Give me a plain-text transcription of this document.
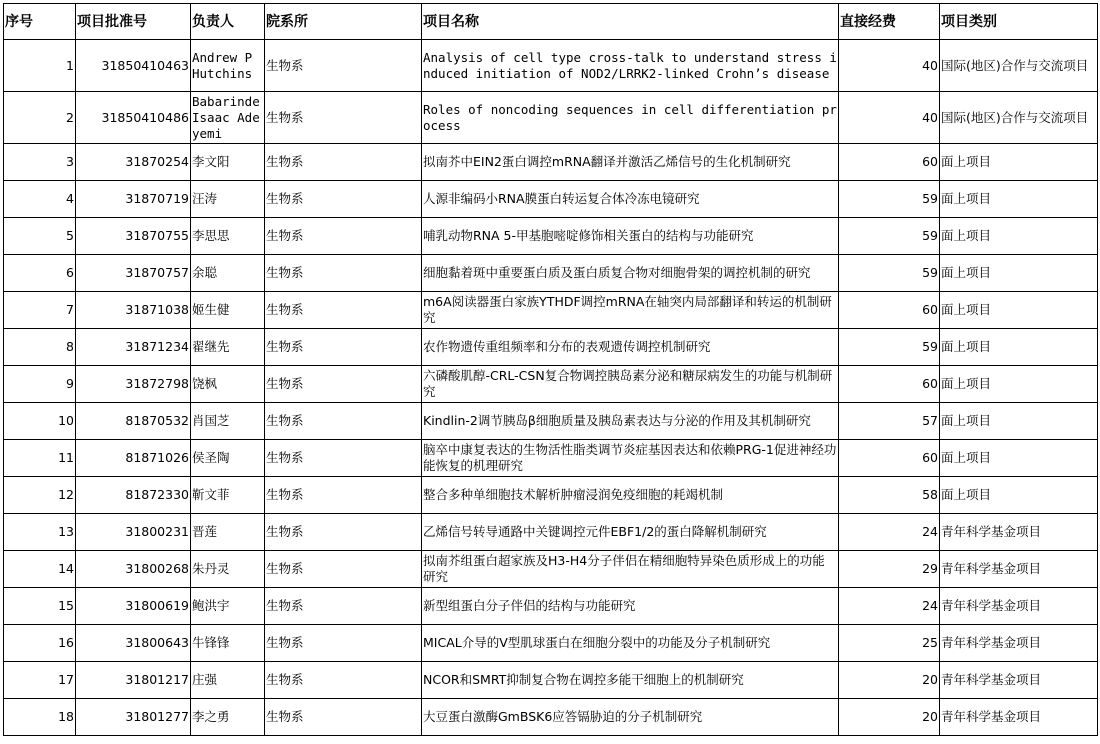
序号	项目批准号	负责人	院系所	项目名称	直接经费	项目类别
1	31850410463	Andrew P Hutchins	生物系	Analysis of cell type cross-talk to understand stress induced initiation of NOD2/LRRK2-linked Crohn’s disease	40	国际(地区)合作与交流项目
2	31850410486	Babarinde Isaac Adeyemi	生物系	Roles of noncoding sequences in cell differentiation process	40	国际(地区)合作与交流项目
3	31870254	李文阳	生物系	拟南芥中EIN2蛋白调控mRNA翻译并激活乙烯信号的生化机制研究	60	面上项目
4	31870719	汪涛	生物系	人源非编码小RNA膜蛋白转运复合体冷冻电镜研究	59	面上项目
5	31870755	李思思	生物系	哺乳动物RNA 5-甲基胞嘧啶修饰相关蛋白的结构与功能研究	59	面上项目
6	31870757	余聪	生物系	细胞黏着斑中重要蛋白质及蛋白质复合物对细胞骨架的调控机制的研究	59	面上项目
7	31871038	姬生健	生物系	m6A阅读器蛋白家族YTHDF调控mRNA在轴突内局部翻译和转运的机制研究	60	面上项目
8	31871234	翟继先	生物系	农作物遗传重组频率和分布的表观遗传调控机制研究	59	面上项目
9	31872798	饶枫	生物系	六磷酸肌醇-CRL-CSN复合物调控胰岛素分泌和糖尿病发生的功能与机制研究	60	面上项目
10	81870532	肖国芝	生物系	Kindlin-2调节胰岛β细胞质量及胰岛素表达与分泌的作用及其机制研究	57	面上项目
11	81871026	侯圣陶	生物系	脑卒中康复表达的生物活性脂类调节炎症基因表达和依赖PRG-1促进神经功能恢复的机理研究	60	面上项目
12	81872330	靳文菲	生物系	整合多种单细胞技术解析肿瘤浸润免疫细胞的耗竭机制	58	面上项目
13	31800231	晋莲	生物系	乙烯信号转导通路中关键调控元件EBF1/2的蛋白降解机制研究	24	青年科学基金项目
14	31800268	朱丹灵	生物系	拟南芥组蛋白超家族及H3-H4分子伴侣在精细胞特异染色质形成上的功能研究	29	青年科学基金项目
15	31800619	鲍洪宇	生物系	新型组蛋白分子伴侣的结构与功能研究	24	青年科学基金项目
16	31800643	牛锋锋	生物系	MICAL介导的V型肌球蛋白在细胞分裂中的功能及分子机制研究	25	青年科学基金项目
17	31801217	庄强	生物系	NCOR和SMRT抑制复合物在调控多能干细胞上的机制研究	20	青年科学基金项目
18	31801277	李之勇	生物系	大豆蛋白激酶GmBSK6应答镉胁迫的分子机制研究	20	青年科学基金项目
